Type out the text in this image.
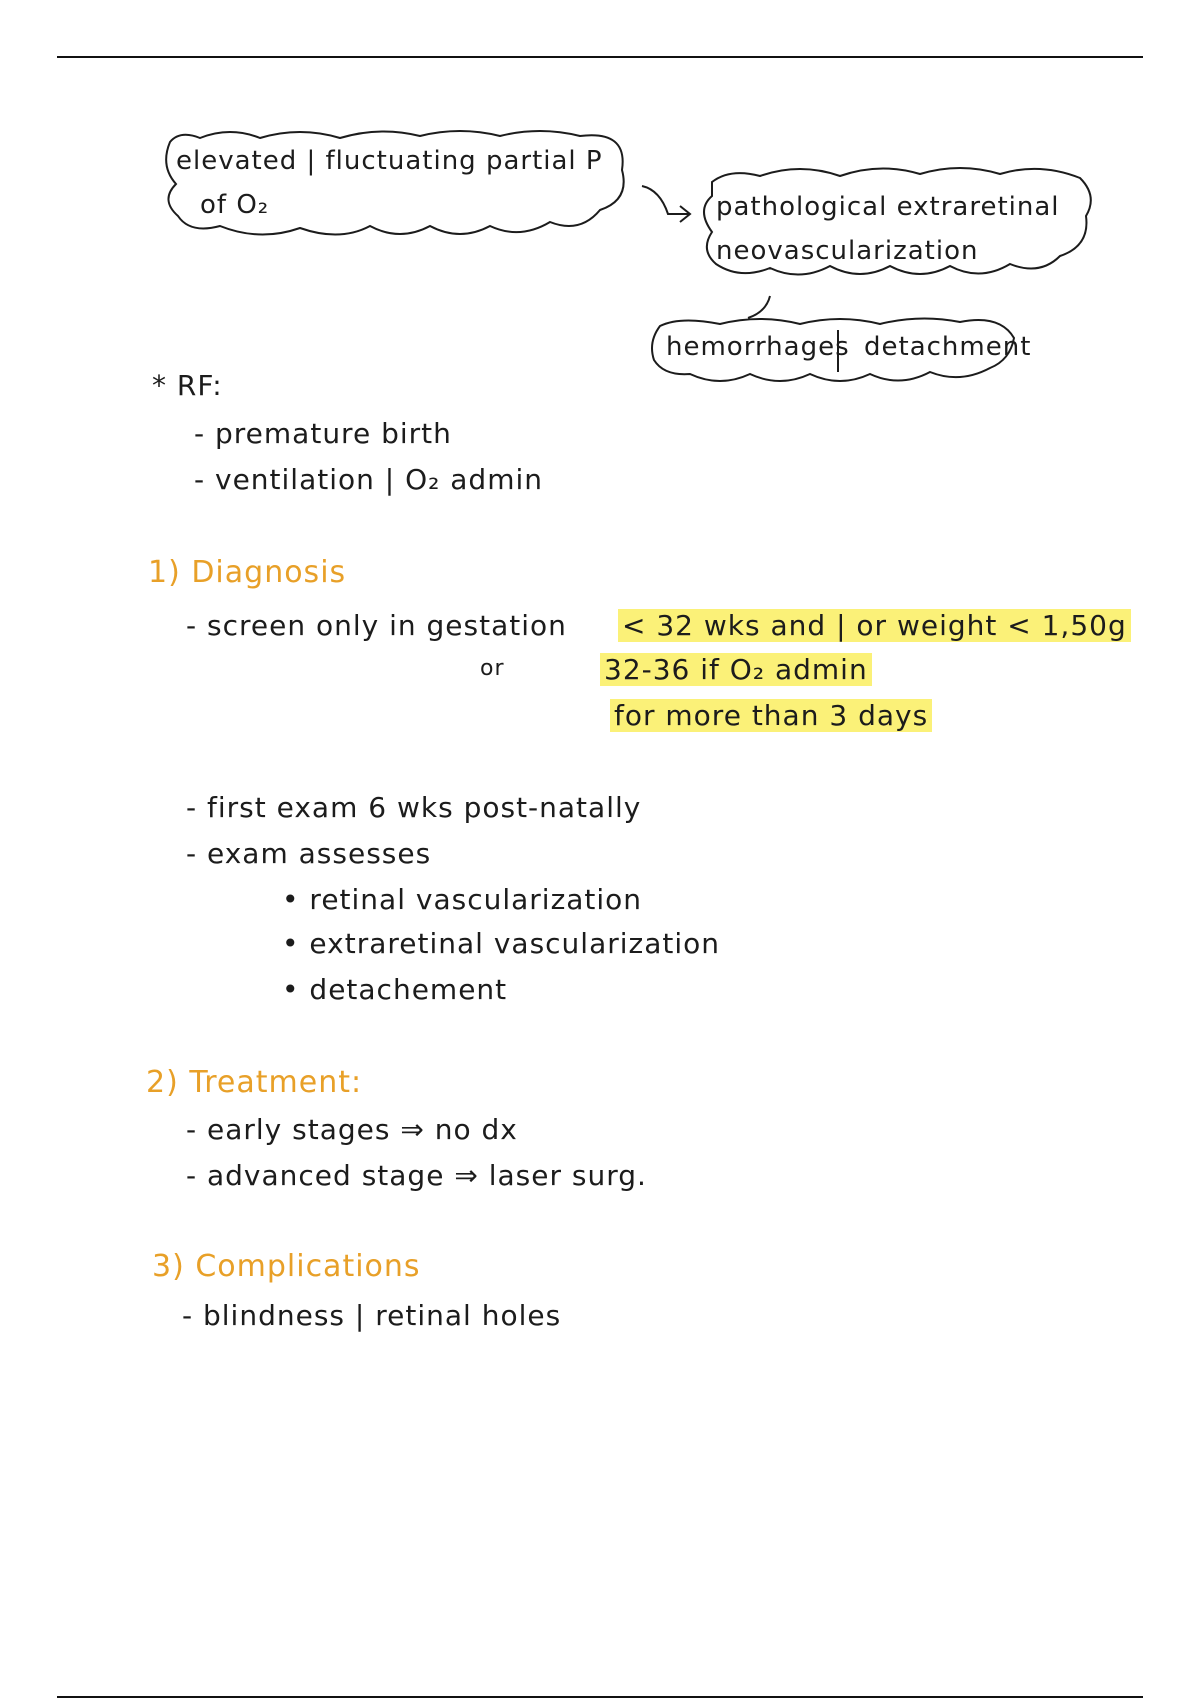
elevated | fluctuating partial P
of O₂	pathological extraretinal
neovascularization
hemorrhages detachment
* RF:
- premature birth
- ventilation | O₂ admin
1) Diagnosis
- screen only in gestation < 32 wks and | or weight < 1,50g
or	32-36 if O₂ admin
for more than 3 days
- first exam 6 wks post-natally
- exam assesses
• retinal vascularization
• extraretinal vascularization
• detachement
2) Treatment:
- early stages ⇒ no dx
- advanced stage ⇒ laser surg.
3) Complications
- blindness | retinal holes
